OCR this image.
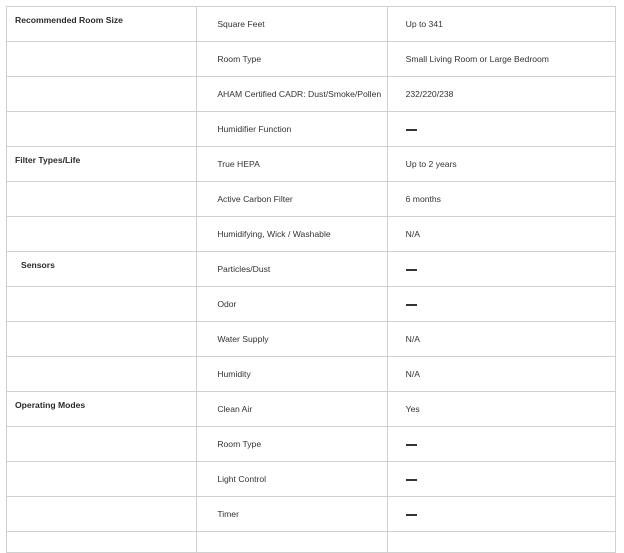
Recommended Room Size	Square Feet	Up to 341
	Room Type	Small Living Room or Large Bedroom
	AHAM Certified CADR: Dust/Smoke/Pollen	232/220/238
	Humidifier Function	
Filter Types/Life	True HEPA	Up to 2 years
	Active Carbon Filter	6 months
	Humidifying, Wick / Washable	N/A
Sensors	Particles/Dust	
	Odor	
	Water Supply	N/A
	Humidity	N/A
Operating Modes	Clean Air	Yes
	Room Type	
	Light Control	
	Timer	
